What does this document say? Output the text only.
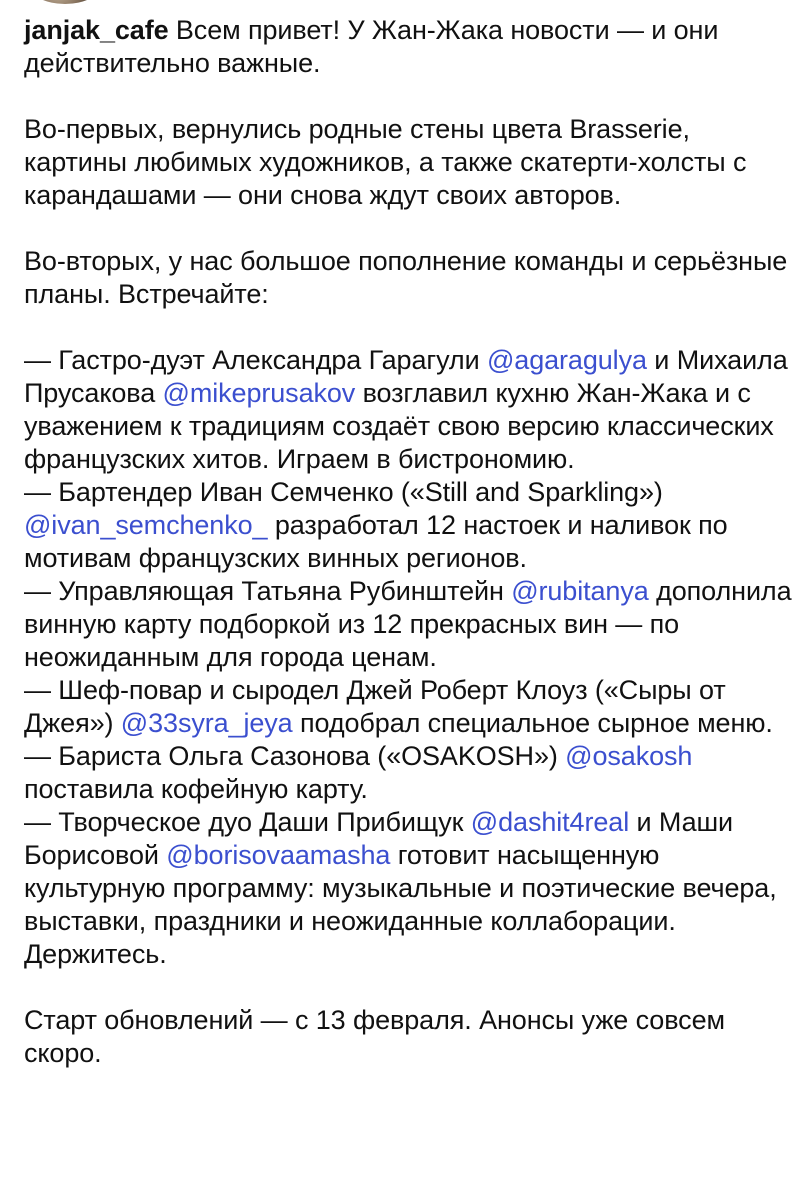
janjak_cafe Всем привет! У Жан-Жака новости — и они действительно важные.

Во-первых, вернулись родные стены цвета Brasserie, картины любимых художников, а также скатерти-холсты с карандашами — они снова ждут своих авторов.

Во-вторых, у нас большое пополнение команды и серьёзные планы. Встречайте:

— Гастро-дуэт Александра Гарагули @agaragulya и Михаила Прусакова @mikeprusakov возглавил кухню Жан-Жака и с уважением к традициям создаёт свою версию классических французских хитов. Играем в бистрономию.

— Бартендер Иван Семченко («Still and Sparkling») @ivan_semchenko_ разработал 12 настоек и наливок по мотивам французских винных регионов.

— Управляющая Татьяна Рубинштейн @rubitanya дополнила винную карту подборкой из 12 прекрасных вин — по неожиданным для города ценам.

— Шеф-повар и сыродел Джей Роберт Клоуз («Сыры от Джея») @33syra_jeya подобрал специальное сырное меню.

— Бариста Ольга Сазонова («OSAKOSH») @osakosh поставила кофейную карту.

— Творческое дуо Даши Прибищук @dashit4real и Маши Борисовой @borisovaamasha готовит насыщенную культурную программу: музыкальные и поэтические вечера, выставки, праздники и неожиданные коллаборации. Держитесь.

Старт обновлений — с 13 февраля. Анонсы уже совсем скоро.
